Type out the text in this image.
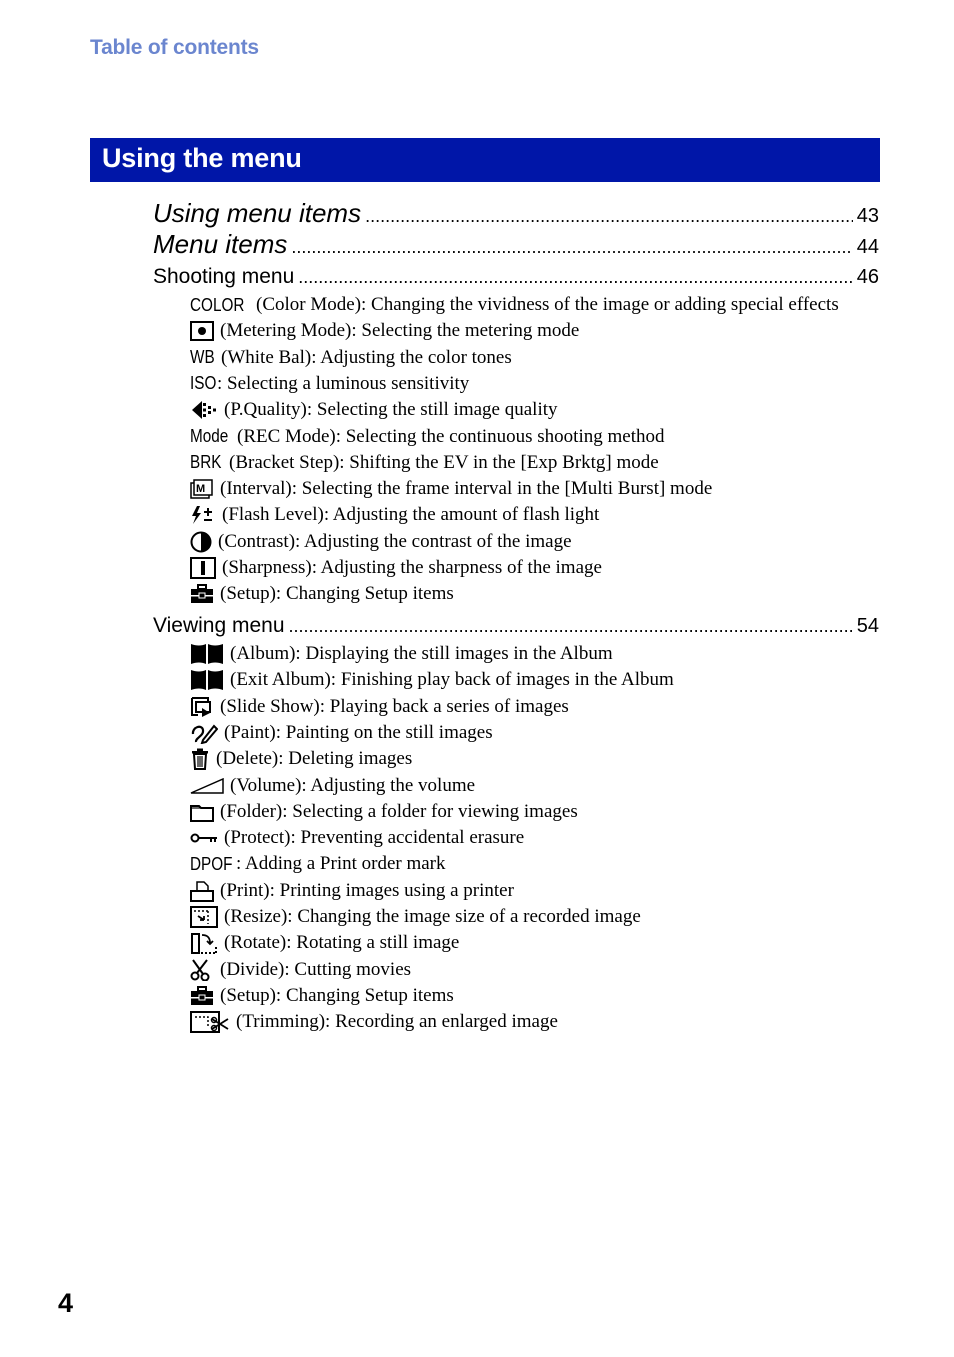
Table of contents
Using the menu
Using menu items .....	43
Menu items .....	44
Shooting menu .....	46
COLOR (Color Mode): Changing the vividness of the image or adding special effects
(Metering Mode): Selecting the metering mode
WB (White Bal): Adjusting the color tones
ISO : Selecting a luminous sensitivity
(P.Quality): Selecting the still image quality
Mode (REC Mode): Selecting the continuous shooting method
BRK (Bracket Step): Shifting the EV in the [Exp Brktg] mode
M (Interval): Selecting the frame interval in the [Multi Burst] mode
(Flash Level): Adjusting the amount of flash light
(Contrast): Adjusting the contrast of the image
(Sharpness): Adjusting the sharpness of the image
(Setup): Changing Setup items
Viewing menu .....	54
(Album): Displaying the still images in the Album
(Exit Album): Finishing play back of images in the Album
(Slide Show): Playing back a series of images
(Paint): Painting on the still images
(Delete): Deleting images
(Volume): Adjusting the volume
(Folder): Selecting a folder for viewing images
(Protect): Preventing accidental erasure
DPOF : Adding a Print order mark
(Print): Printing images using a printer
(Resize): Changing the image size of a recorded image
(Rotate): Rotating a still image
(Divide): Cutting movies
(Setup): Changing Setup items
(Trimming): Recording an enlarged image
4
